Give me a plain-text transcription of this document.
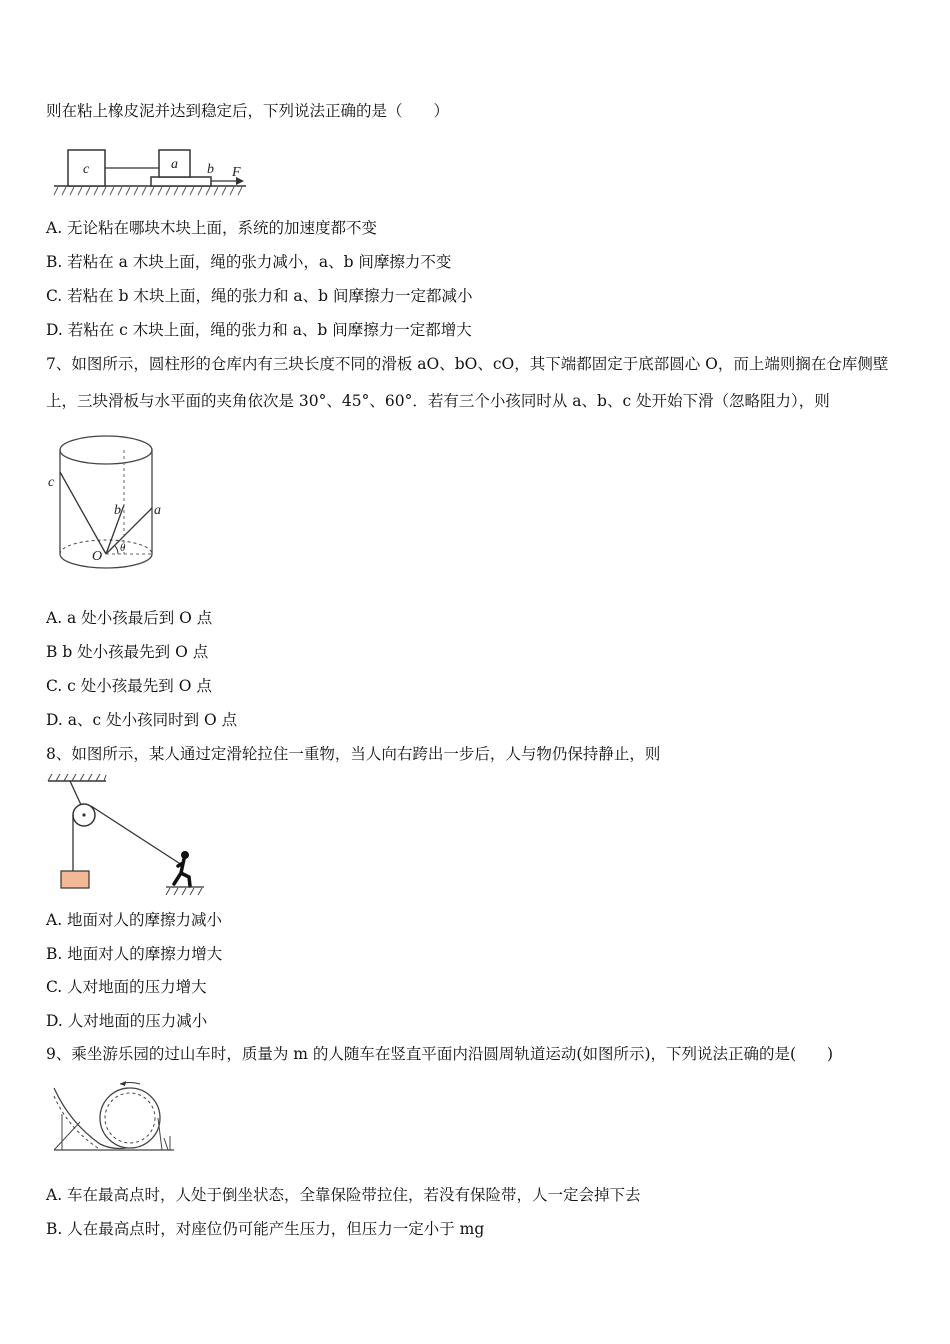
则在粘上橡皮泥并达到稳定后，下列说法正确的是（　　）
c	a b F
A. 无论粘在哪块木块上面，系统的加速度都不变
B. 若粘在 a 木块上面，绳的张力减小，a、b 间摩擦力不变
C. 若粘在 b 木块上面，绳的张力和 a、b 间摩擦力一定都减小
D. 若粘在 c 木块上面，绳的张力和 a、b 间摩擦力一定都增大
7、如图所示，圆柱形的仓库内有三块长度不同的滑板 aO、bO、cO，其下端都固定于底部圆心 O，而上端则搁在仓库侧壁
上，三块滑板与水平面的夹角依次是 30°、45°、60°．若有三个小孩同时从 a、b、c 处开始下滑（忽略阻力），则
c
b a
O
θ
A. a 处小孩最后到 O 点
B b 处小孩最先到 O 点
C. c 处小孩最先到 O 点
D. a、c 处小孩同时到 O 点
8、如图所示，某人通过定滑轮拉住一重物，当人向右跨出一步后，人与物仍保持静止，则
A. 地面对人的摩擦力减小
B. 地面对人的摩擦力增大
C. 人对地面的压力增大
D. 人对地面的压力减小
9、乘坐游乐园的过山车时，质量为 m 的人随车在竖直平面内沿圆周轨道运动(如图所示)，下列说法正确的是(　　)
A. 车在最高点时，人处于倒坐状态，全靠保险带拉住，若没有保险带，人一定会掉下去
B. 人在最高点时，对座位仍可能产生压力，但压力一定小于 mg
